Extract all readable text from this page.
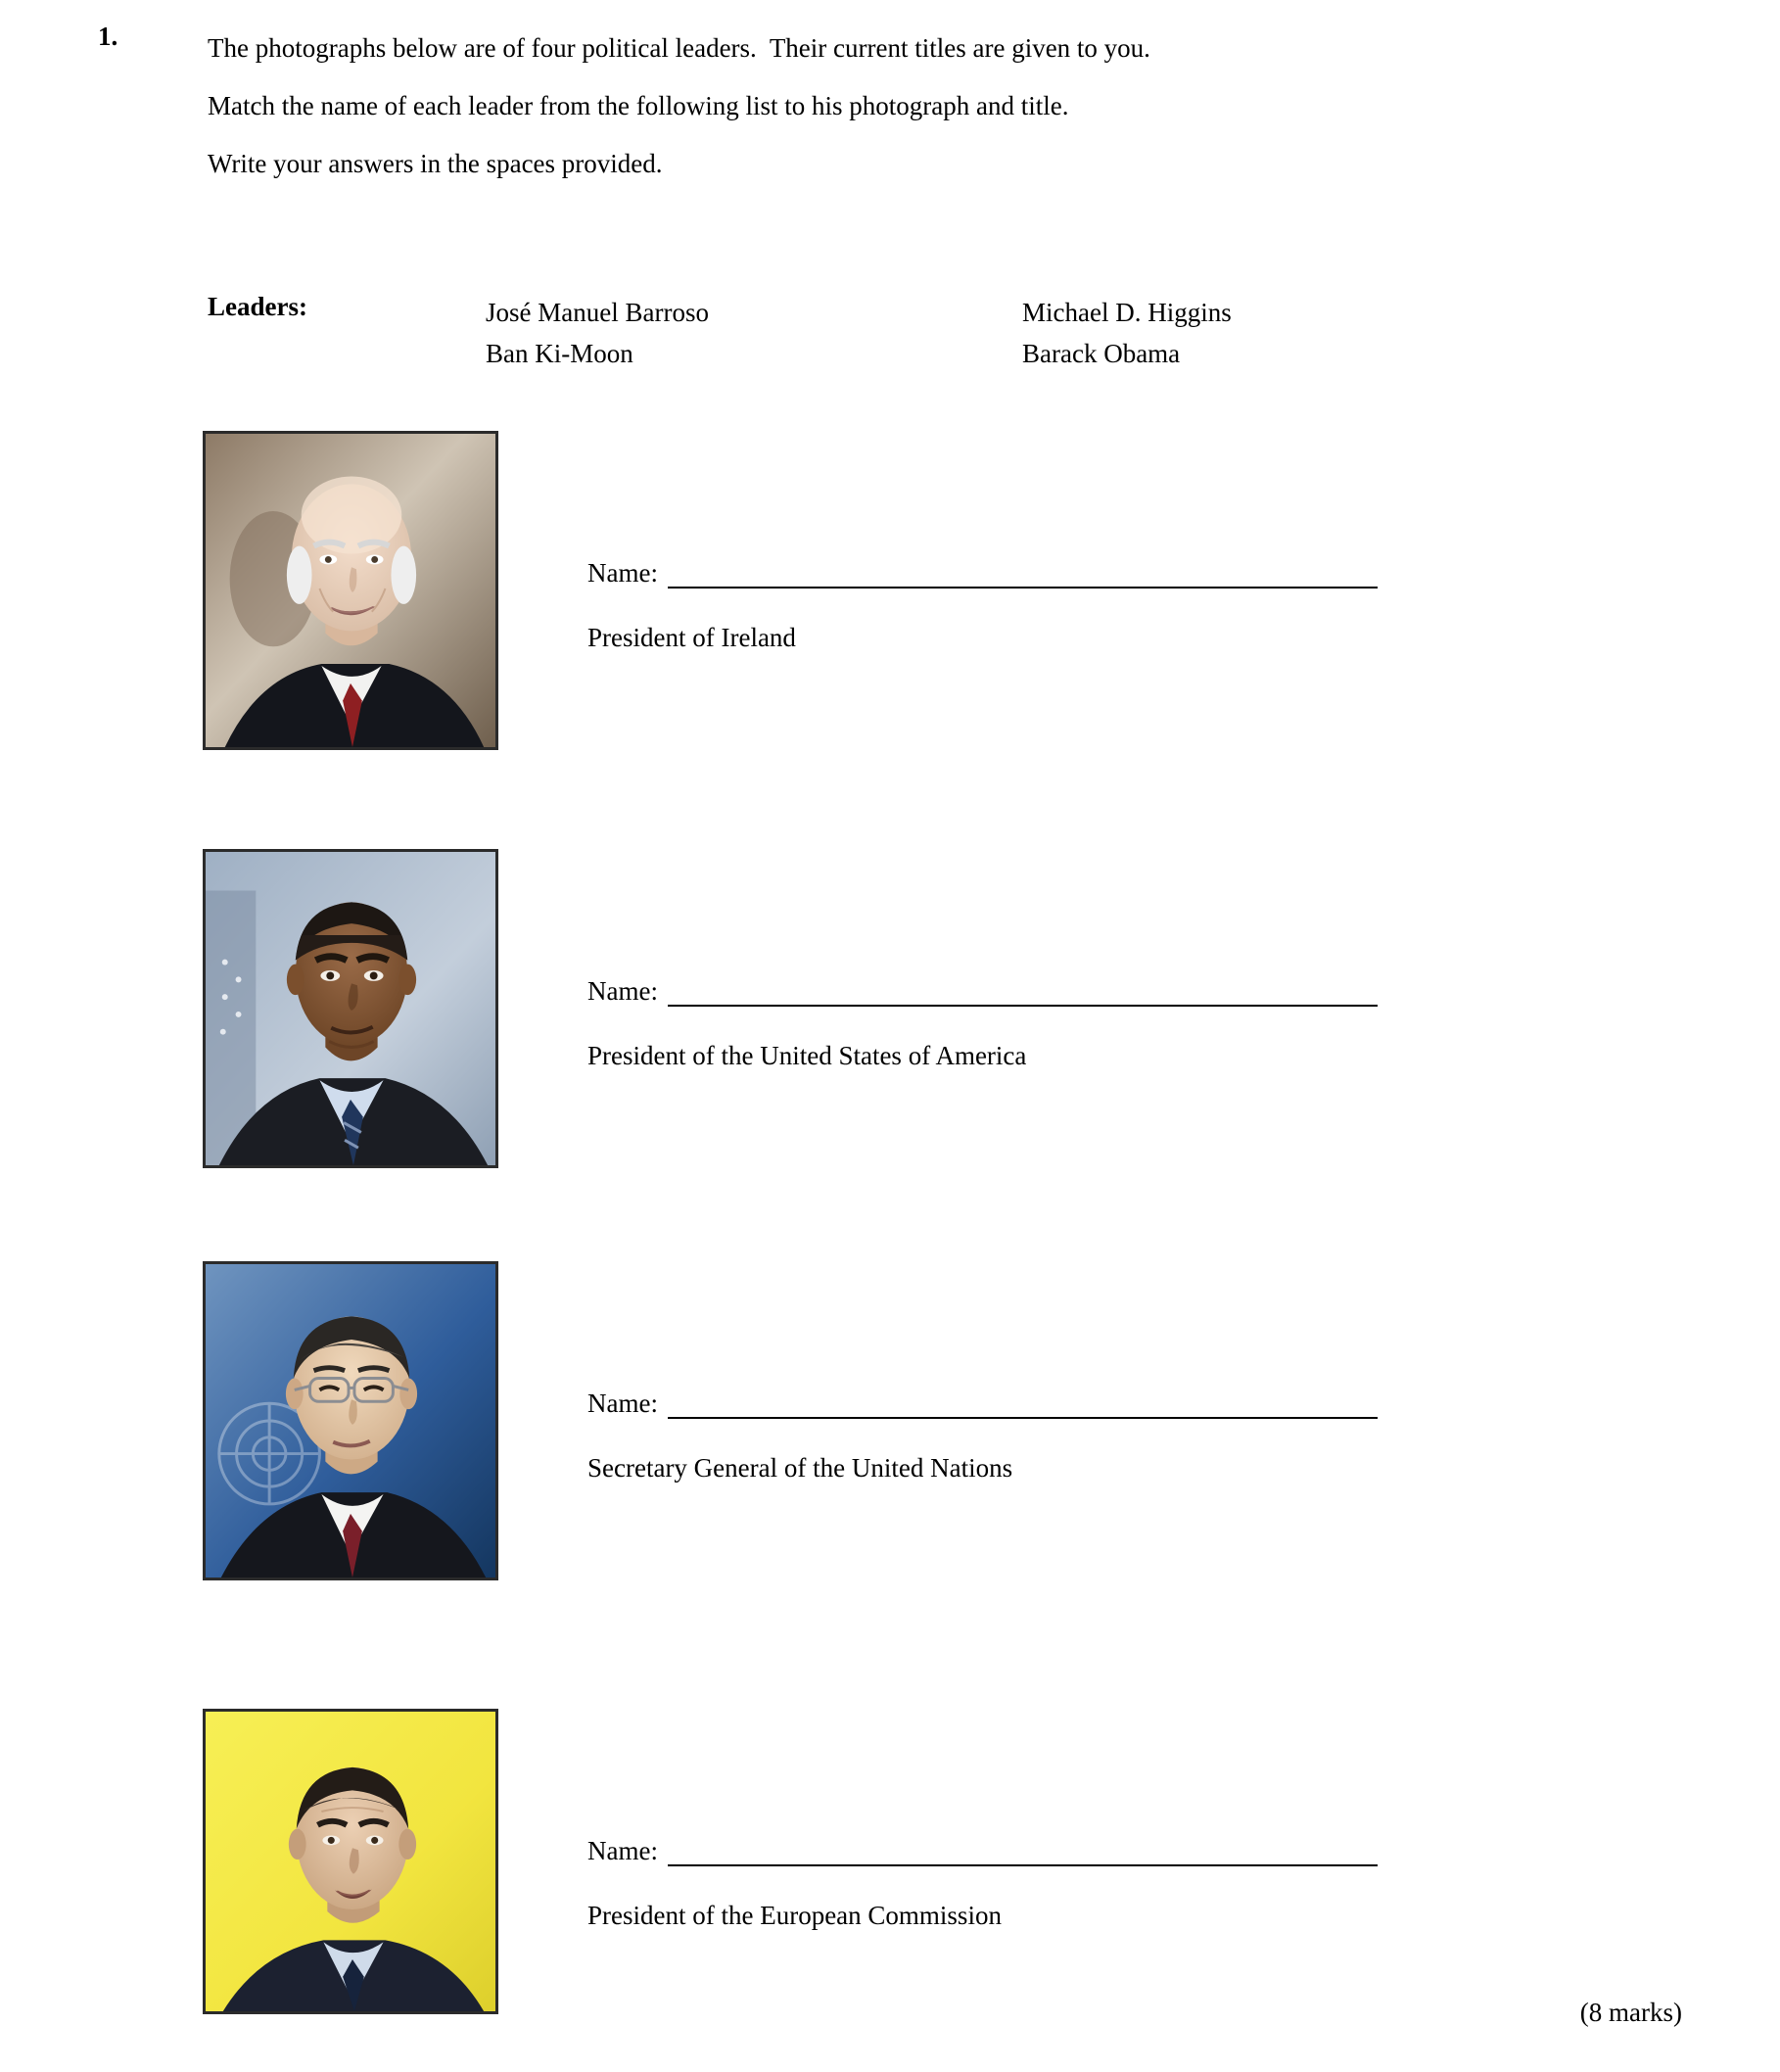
1.	The photographs below are of four political leaders.  Their current titles are given to you.
Match the name of each leader from the following list to his photograph and title.
Write your answers in the spaces provided.
Leaders:	José Manuel Barroso
Ban Ki-Moon
Michael D. Higgins
Barack Obama
Name:
President of Ireland
Name:
President of the United States of America
Name:
Secretary General of the United Nations
Name:
President of the European Commission
(8 marks)
